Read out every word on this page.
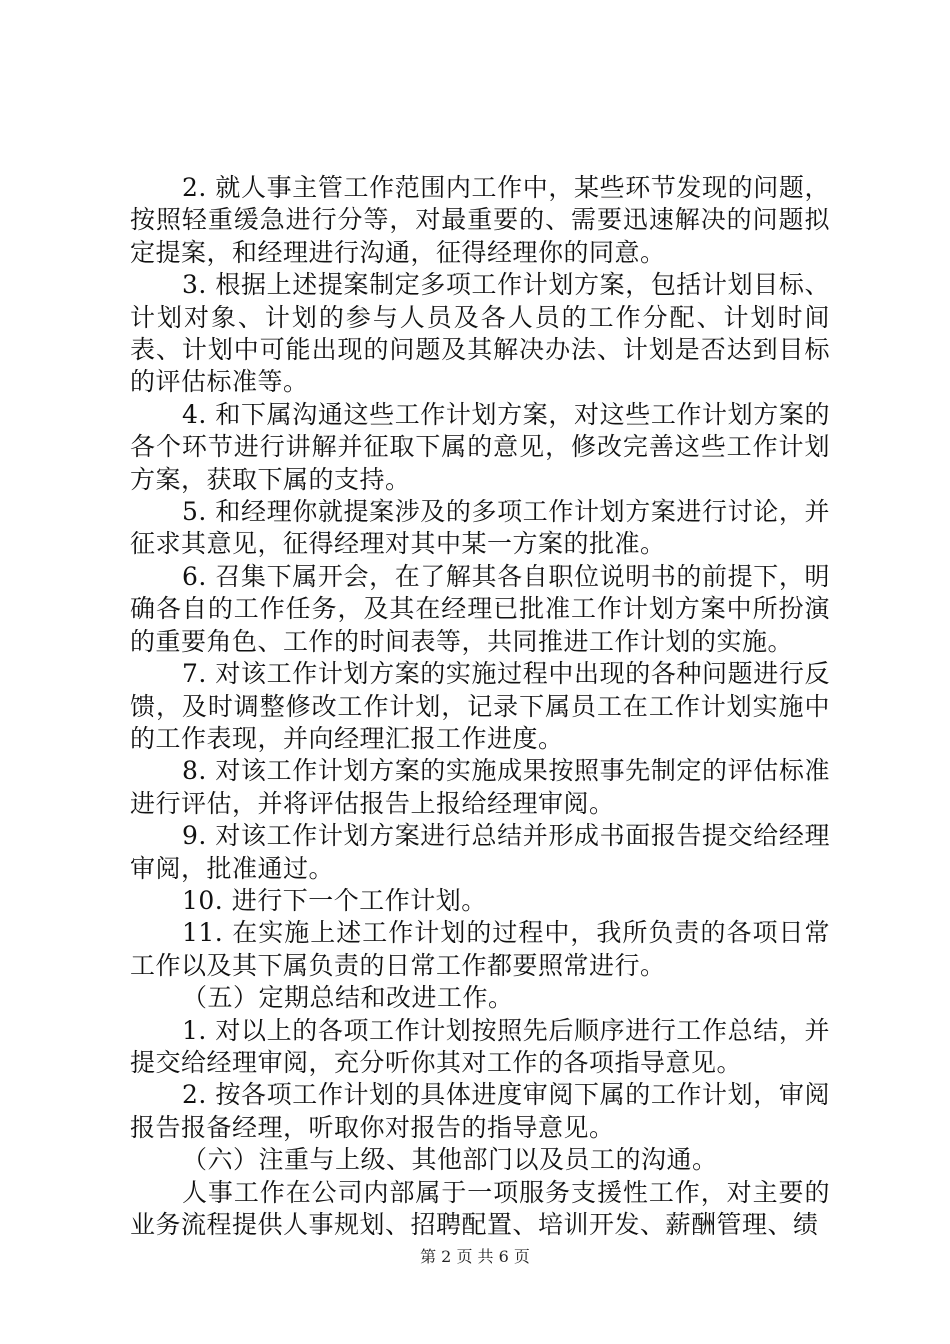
2. 就人事主管工作范围内工作中，某些环节发现的问题，按照轻重缓急进行分等，对最重要的、需要迅速解决的问题拟定提案，和经理进行沟通，征得经理你的同意。

3. 根据上述提案制定多项工作计划方案，包括计划目标、计划对象、计划的参与人员及各人员的工作分配、计划时间表、计划中可能出现的问题及其解决办法、计划是否达到目标的评估标准等。

4. 和下属沟通这些工作计划方案，对这些工作计划方案的各个环节进行讲解并征取下属的意见，修改完善这些工作计划方案，获取下属的支持。

5. 和经理你就提案涉及的多项工作计划方案进行讨论，并征求其意见，征得经理对其中某一方案的批准。

6. 召集下属开会，在了解其各自职位说明书的前提下，明确各自的工作任务，及其在经理已批准工作计划方案中所扮演的重要角色、工作的时间表等，共同推进工作计划的实施。

7. 对该工作计划方案的实施过程中出现的各种问题进行反馈，及时调整修改工作计划，记录下属员工在工作计划实施中的工作表现，并向经理汇报工作进度。

8. 对该工作计划方案的实施成果按照事先制定的评估标准进行评估，并将评估报告上报给经理审阅。

9. 对该工作计划方案进行总结并形成书面报告提交给经理审阅，批准通过。

10. 进行下一个工作计划。

11. 在实施上述工作计划的过程中，我所负责的各项日常工作以及其下属负责的日常工作都要照常进行。

（五）定期总结和改进工作。

1. 对以上的各项工作计划按照先后顺序进行工作总结，并提交给经理审阅，充分听你其对工作的各项指导意见。

2. 按各项工作计划的具体进度审阅下属的工作计划，审阅报告报备经理，听取你对报告的指导意见。

（六）注重与上级、其他部门以及员工的沟通。

人事工作在公司内部属于一项服务支援性工作，对主要的业务流程提供人事规划、招聘配置、培训开发、薪酬管理、绩

第 2 页 共 6 页
